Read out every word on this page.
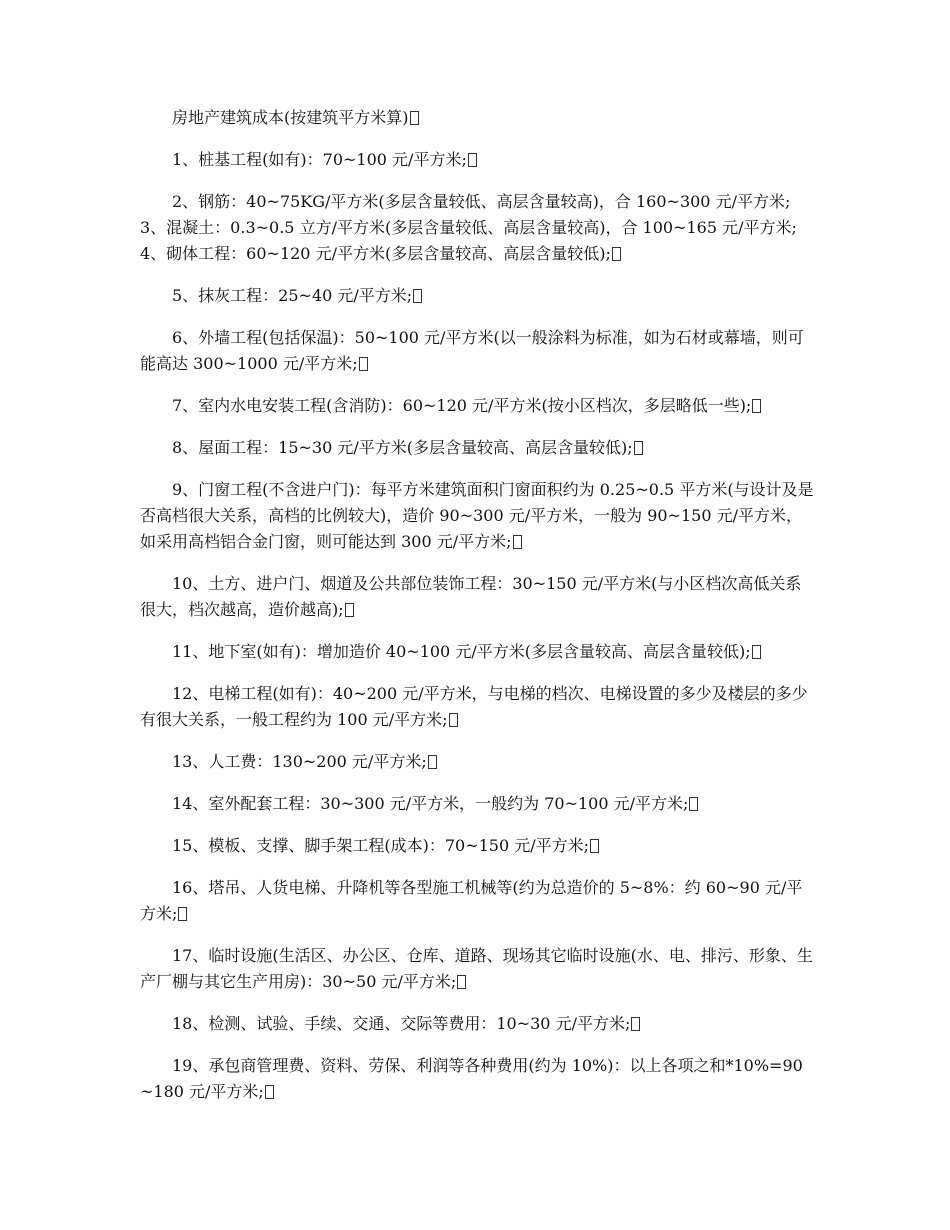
房地产建筑成本(按建筑平方米算)

1、桩基工程(如有)：70~100 元/平方米;

2、钢筋：40~75KG/平方米(多层含量较低、高层含量较高)，合 160~300 元/平方米;3、混凝土：0.3~0.5 立方/平方米(多层含量较低、高层含量较高)，合 100~165 元/平方米;4、砌体工程：60~120 元/平方米(多层含量较高、高层含量较低);

5、抹灰工程：25~40 元/平方米;

6、外墙工程(包括保温)：50~100 元/平方米(以一般涂料为标准，如为石材或幕墙，则可能高达 300~1000 元/平方米;

7、室内水电安装工程(含消防)：60~120 元/平方米(按小区档次，多层略低一些);

8、屋面工程：15~30 元/平方米(多层含量较高、高层含量较低);

9、门窗工程(不含进户门)：每平方米建筑面积门窗面积约为 0.25~0.5 平方米(与设计及是否高档很大关系，高档的比例较大)，造价 90~300 元/平方米，一般为 90~150 元/平方米，如采用高档铝合金门窗，则可能达到 300 元/平方米;

10、土方、进户门、烟道及公共部位装饰工程：30~150 元/平方米(与小区档次高低关系很大，档次越高，造价越高);

11、地下室(如有)：增加造价 40~100 元/平方米(多层含量较高、高层含量较低);

12、电梯工程(如有)：40~200 元/平方米，与电梯的档次、电梯设置的多少及楼层的多少有很大关系，一般工程约为 100 元/平方米;

13、人工费：130~200 元/平方米;

14、室外配套工程：30~300 元/平方米，一般约为 70~100 元/平方米;

15、模板、支撑、脚手架工程(成本)：70~150 元/平方米;

16、塔吊、人货电梯、升降机等各型施工机械等(约为总造价的 5~8%：约 60~90 元/平方米;

17、临时设施(生活区、办公区、仓库、道路、现场其它临时设施(水、电、排污、形象、生产厂棚与其它生产用房)：30~50 元/平方米;

18、检测、试验、手续、交通、交际等费用：10~30 元/平方米;

19、承包商管理费、资料、劳保、利润等各种费用(约为 10%)：以上各项之和*10%=90~180 元/平方米;
